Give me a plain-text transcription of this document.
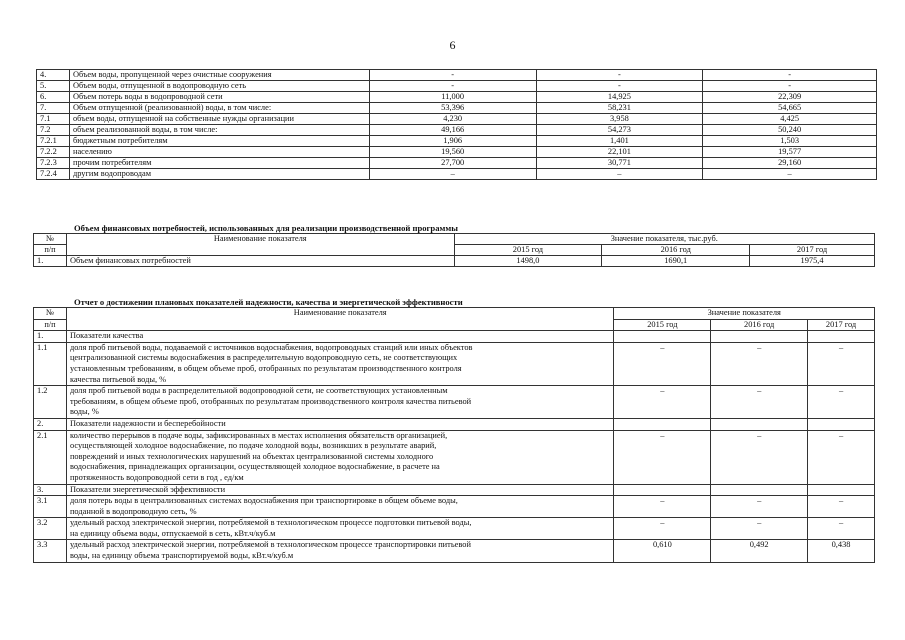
6
4.	Объем воды, пропущенной через очистные сооружения	-	-	-
5.	Объем воды, отпущенной в водопроводную сеть	-	-	-
6.	Объем потерь воды в водопроводной сети	11,000	14,925	22,309
7.	Объем отпущенной (реализованной) воды, в том числе:	53,396	58,231	54,665
7.1	объем воды, отпущенной на собственные нужды организации	4,230	3,958	4,425
7.2	объем реализованной воды, в том числе:	49,166	54,273	50,240
7.2.1	бюджетным потребителям	1,906	1,401	1,503
7.2.2	населению	19,560	22,101	19,577
7.2.3	прочим потребителям	27,700	30,771	29,160
7.2.4	другим водопроводам	–	–	–
Объем финансовых потребностей, использованных для реализации производственной программы
№	Наименование показателя	Значение показателя, тыс.руб.		
п/п		2015 год	2016 год	2017 год
1.	Объем финансовых потребностей	1498,0	1690,1	1975,4
Отчет о достижении плановых показателей надежности, качества и энергетической эффективности
№	Наименование показателя	Значение показателя		
п/п		2015 год	2016 год	2017 год
1.	Показатели качества			
1.1	доля проб питьевой воды, подаваемой с источников водоснабжения, водопроводных станций или иных объектов
централизованной системы водоснабжения в распределительную водопроводную сеть, не соответствующих
установленным требованиям, в общем объеме проб, отобранных по результатам производственного контроля
качества питьевой воды, %	–	–	–
1.2	доля проб питьевой воды в распределительной водопроводной сети, не соответствующих установленным
требованиям, в общем объеме проб, отобранных по результатам производственного контроля качества питьевой
воды, %	–	–	–
2.	Показатели надежности и бесперебойности			
2.1	количество перерывов в подаче воды, зафиксированных в местах исполнения обязательств организацией,
осуществляющей холодное водоснабжение, по подаче холодной воды, возникших в результате аварий,
повреждений и иных технологических нарушений на объектах централизованной системы холодного
водоснабжения, принадлежащих организации, осуществляющей холодное водоснабжение, в расчете на
протяженность водопроводной сети в год , ед/км	–	–	–
3.	Показатели энергетической эффективности			
3.1	доля потерь воды в централизованных системах водоснабжения при транспортировке в общем объеме воды,
поданной в водопроводную сеть, %	–	–	–
3.2	удельный расход электрической энергии, потребляемой в технологическом процессе подготовки питьевой воды,
на единицу объема воды, отпускаемой в сеть, кВт.ч/куб.м	–	–	–
3.3	удельный расход электрической энергии, потребляемой в технологическом процессе транспортировки питьевой
воды, на единицу объема транспортируемой воды, кВт.ч/куб.м	0,610	0,492	0,438
